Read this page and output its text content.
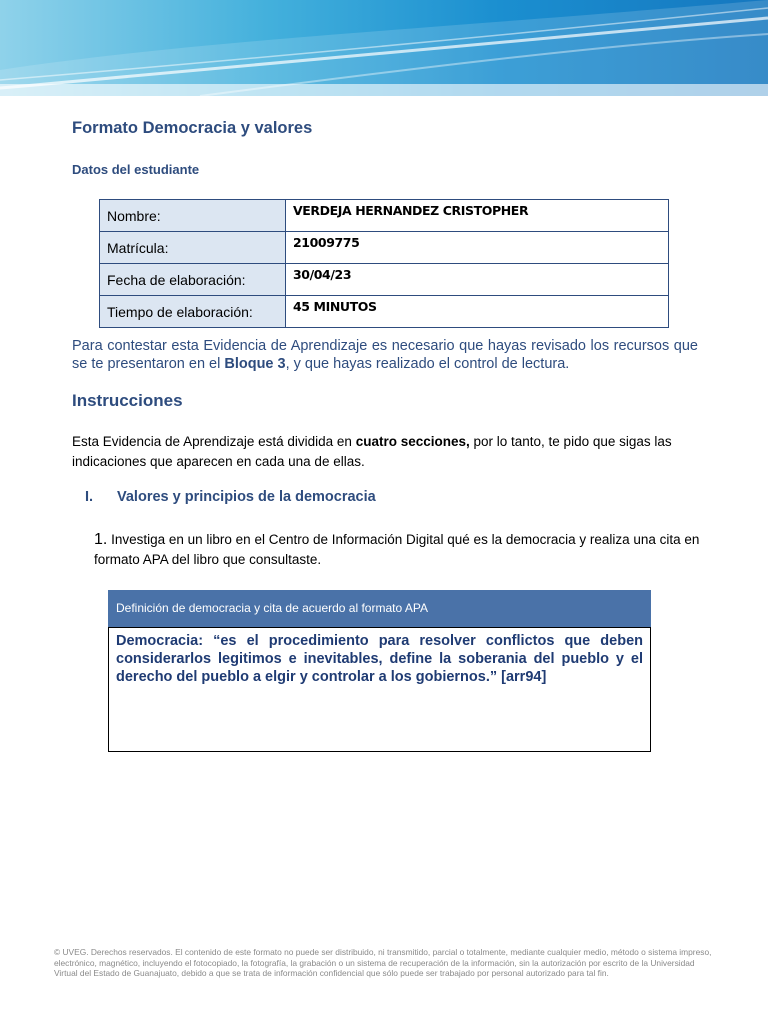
Formato Democracia y valores
Datos del estudiante
Nombre:	VERDEJA HERNANDEZ CRISTOPHER
Matrícula:	21009775
Fecha de elaboración:	30/04/23
Tiempo de elaboración:	45 MINUTOS
Para contestar esta Evidencia de Aprendizaje es necesario que hayas revisado los recursos que se te presentaron en el Bloque 3, y que hayas realizado el control de lectura.
Instrucciones
Esta Evidencia de Aprendizaje está dividida en cuatro secciones, por lo tanto, te pido que sigas las indicaciones que aparecen en cada una de ellas.
I. Valores y principios de la democracia
1. Investiga en un libro en el Centro de Información Digital qué es la democracia y realiza una cita en formato APA del libro que consultaste.
Definición de democracia y cita de acuerdo al formato APA
Democracia: “es el procedimiento para resolver conflictos que deben considerarlos legitimos e inevitables, define la soberania del pueblo y el derecho del pueblo a elgir y controlar a los gobiernos.” [arr94]
© UVEG. Derechos reservados. El contenido de este formato no puede ser distribuido, ni transmitido, parcial o totalmente, mediante cualquier medio, método o sistema impreso, electrónico, magnético, incluyendo el fotocopiado, la fotografía, la grabación o un sistema de recuperación de la información, sin la autorización por escrito de la Universidad Virtual del Estado de Guanajuato, debido a que se trata de información confidencial que sólo puede ser trabajado por personal autorizado para tal fin.
